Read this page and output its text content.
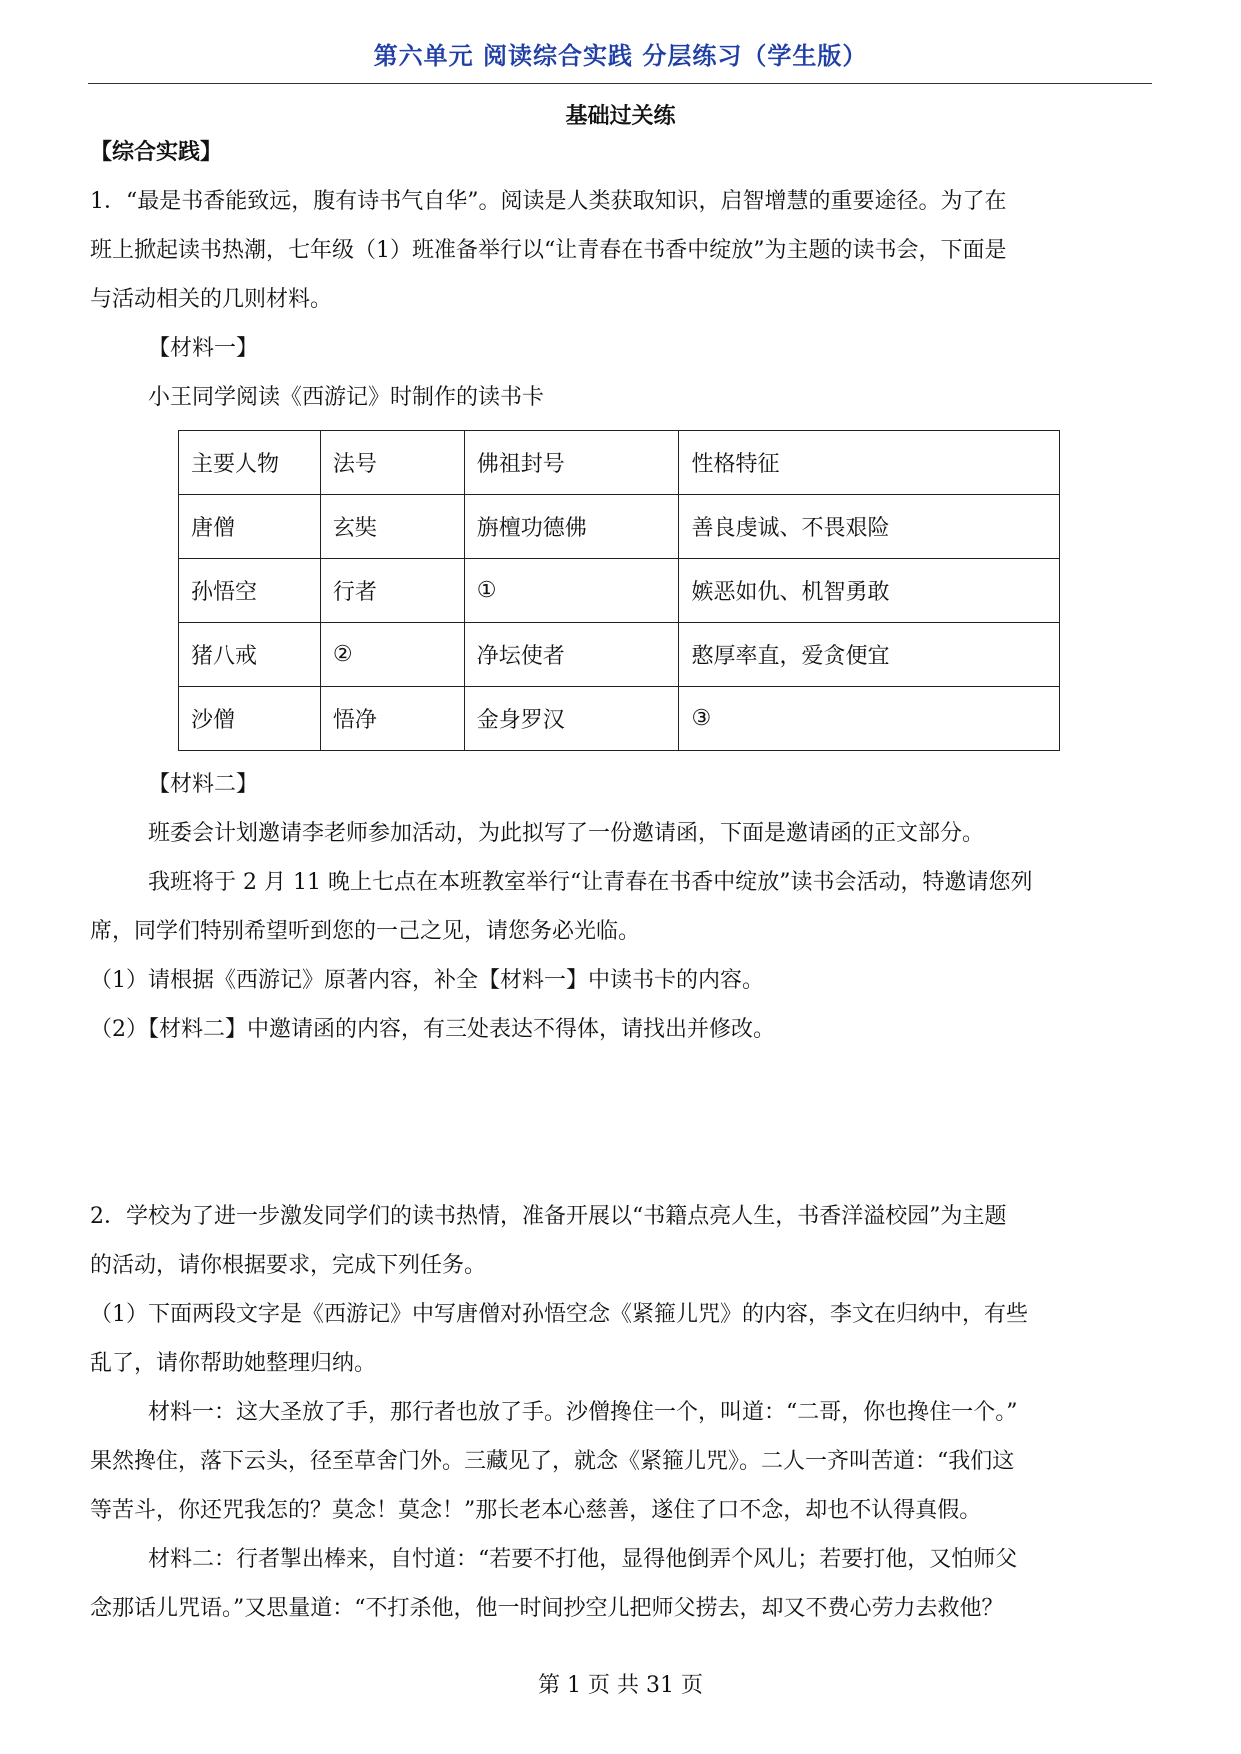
第六单元 阅读综合实践 分层练习（学生版）
基础过关练

【综合实践】

1．“最是书香能致远，腹有诗书气自华”。阅读是人类获取知识，启智增慧的重要途径。为了在

班上掀起读书热潮，七年级（1）班准备举行以“让青春在书香中绽放”为主题的读书会，下面是

与活动相关的几则材料。

【材料一】

小王同学阅读《西游记》时制作的读书卡

主要人物	法号	佛祖封号	性格特征
唐僧	玄奘	旃檀功德佛	善良虔诚、不畏艰险
孙悟空	行者	①	嫉恶如仇、机智勇敢
猪八戒	②	净坛使者	憨厚率直，爱贪便宜
沙僧	悟净	金身罗汉	③

【材料二】

班委会计划邀请李老师参加活动，为此拟写了一份邀请函，下面是邀请函的正文部分。

我班将于 2 月 11 晚上七点在本班教室举行“让青春在书香中绽放”读书会活动，特邀请您列

席，同学们特别希望听到您的一己之见，请您务必光临。

（1）请根据《西游记》原著内容，补全【材料一】中读书卡的内容。

（2）【材料二】中邀请函的内容，有三处表达不得体，请找出并修改。

2．学校为了进一步激发同学们的读书热情，准备开展以“书籍点亮人生，书香洋溢校园”为主题

的活动，请你根据要求，完成下列任务。

（1）下面两段文字是《西游记》中写唐僧对孙悟空念《紧箍儿咒》的内容，李文在归纳中，有些

乱了，请你帮助她整理归纳。

材料一：这大圣放了手，那行者也放了手。沙僧搀住一个，叫道：“二哥，你也搀住一个。”

果然搀住，落下云头，径至草舍门外。三藏见了，就念《紧箍儿咒》。二人一齐叫苦道：“我们这

等苦斗，你还咒我怎的？莫念！莫念！”那长老本心慈善，遂住了口不念，却也不认得真假。

材料二：行者掣出棒来，自忖道：“若要不打他，显得他倒弄个风儿；若要打他，又怕师父

念那话儿咒语。”又思量道：“不打杀他，他一时间抄空儿把师父捞去，却又不费心劳力去救他？

第 1 页 共 31 页
